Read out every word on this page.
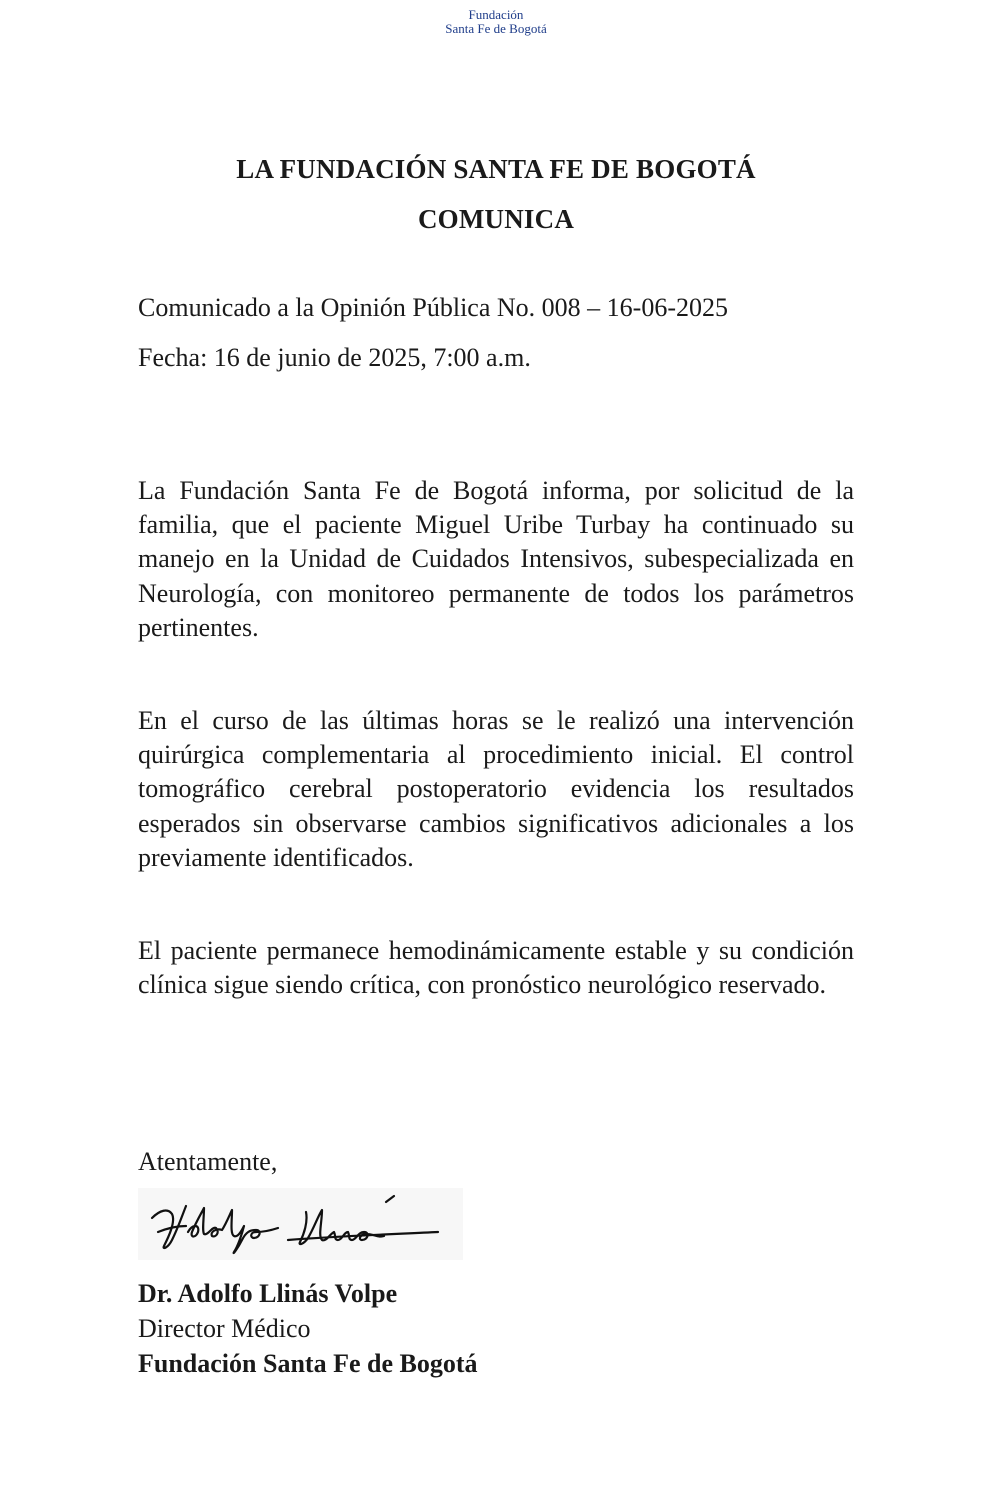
Fundación
Santa Fe de Bogotá
LA FUNDACIÓN SANTA FE DE BOGOTÁ
COMUNICA
Comunicado a la Opinión Pública No. 008 – 16-06-2025
Fecha: 16 de junio de 2025, 7:00 a.m.

La Fundación Santa Fe de Bogotá informa, por solicitud de la familia, que el paciente Miguel Uribe Turbay ha continuado su manejo en la Unidad de Cuidados Intensivos, subespecializada en Neurología, con monitoreo permanente de todos los parámetros pertinentes.

En el curso de las últimas horas se le realizó una intervención quirúrgica complementaria al procedimiento inicial. El control tomográfico cerebral postoperatorio evidencia los resultados esperados sin observarse cambios significativos adicionales a los previamente identificados.

El paciente permanece hemodinámicamente estable y su condición clínica sigue siendo crítica, con pronóstico neurológico reservado.

Atentamente,
Dr. Adolfo Llinás Volpe
Director Médico
Fundación Santa Fe de Bogotá
